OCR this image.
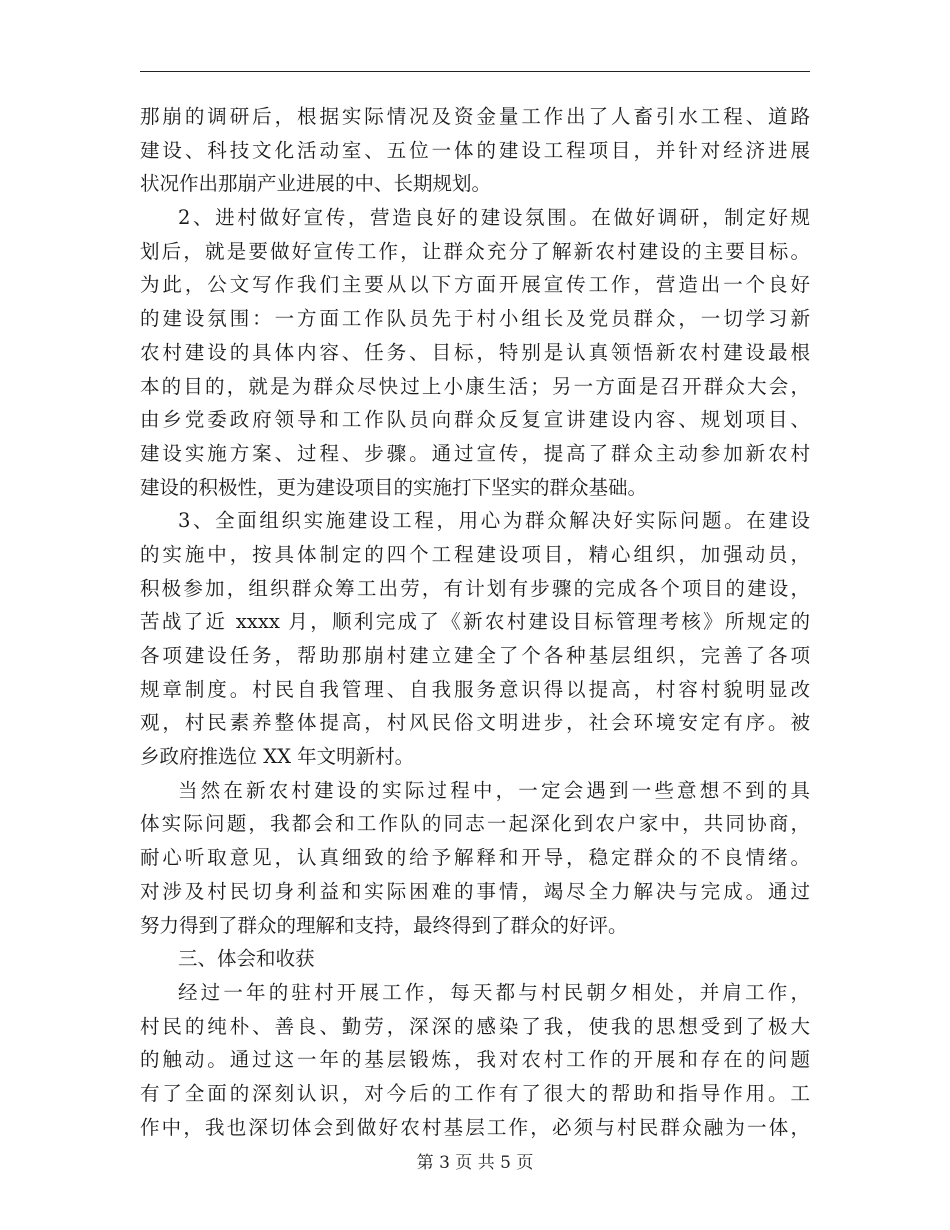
那崩的调研后，根据实际情况及资金量工作出了人畜引水工程、道路
建设、科技文化活动室、五位一体的建设工程项目，并针对经济进展
状况作出那崩产业进展的中、长期规划。
2、进村做好宣传，营造良好的建设氛围。在做好调研，制定好规
划后，就是要做好宣传工作，让群众充分了解新农村建设的主要目标。
为此，公文写作我们主要从以下方面开展宣传工作，营造出一个良好
的建设氛围：一方面工作队员先于村小组长及党员群众，一切学习新
农村建设的具体内容、任务、目标，特别是认真领悟新农村建设最根
本的目的，就是为群众尽快过上小康生活；另一方面是召开群众大会，
由乡党委政府领导和工作队员向群众反复宣讲建设内容、规划项目、
建设实施方案、过程、步骤。通过宣传，提高了群众主动参加新农村
建设的积极性，更为建设项目的实施打下坚实的群众基础。
3、全面组织实施建设工程，用心为群众解决好实际问题。在建设
的实施中，按具体制定的四个工程建设项目，精心组织，加强动员，
积极参加，组织群众筹工出劳，有计划有步骤的完成各个项目的建设，
苦战了近 xxxx 月，顺利完成了《新农村建设目标管理考核》所规定的
各项建设任务，帮助那崩村建立建全了个各种基层组织，完善了各项
规章制度。村民自我管理、自我服务意识得以提高，村容村貌明显改
观，村民素养整体提高，村风民俗文明进步，社会环境安定有序。被
乡政府推选位 XX 年文明新村。
当然在新农村建设的实际过程中，一定会遇到一些意想不到的具
体实际问题，我都会和工作队的同志一起深化到农户家中，共同协商，
耐心听取意见，认真细致的给予解释和开导，稳定群众的不良情绪。
对涉及村民切身利益和实际困难的事情，竭尽全力解决与完成。通过
努力得到了群众的理解和支持，最终得到了群众的好评。
三、体会和收获
经过一年的驻村开展工作，每天都与村民朝夕相处，并肩工作，
村民的纯朴、善良、勤劳，深深的感染了我，使我的思想受到了极大
的触动。通过这一年的基层锻炼，我对农村工作的开展和存在的问题
有了全面的深刻认识，对今后的工作有了很大的帮助和指导作用。工
作中，我也深切体会到做好农村基层工作，必须与村民群众融为一体，
第 3 页 共 5 页
